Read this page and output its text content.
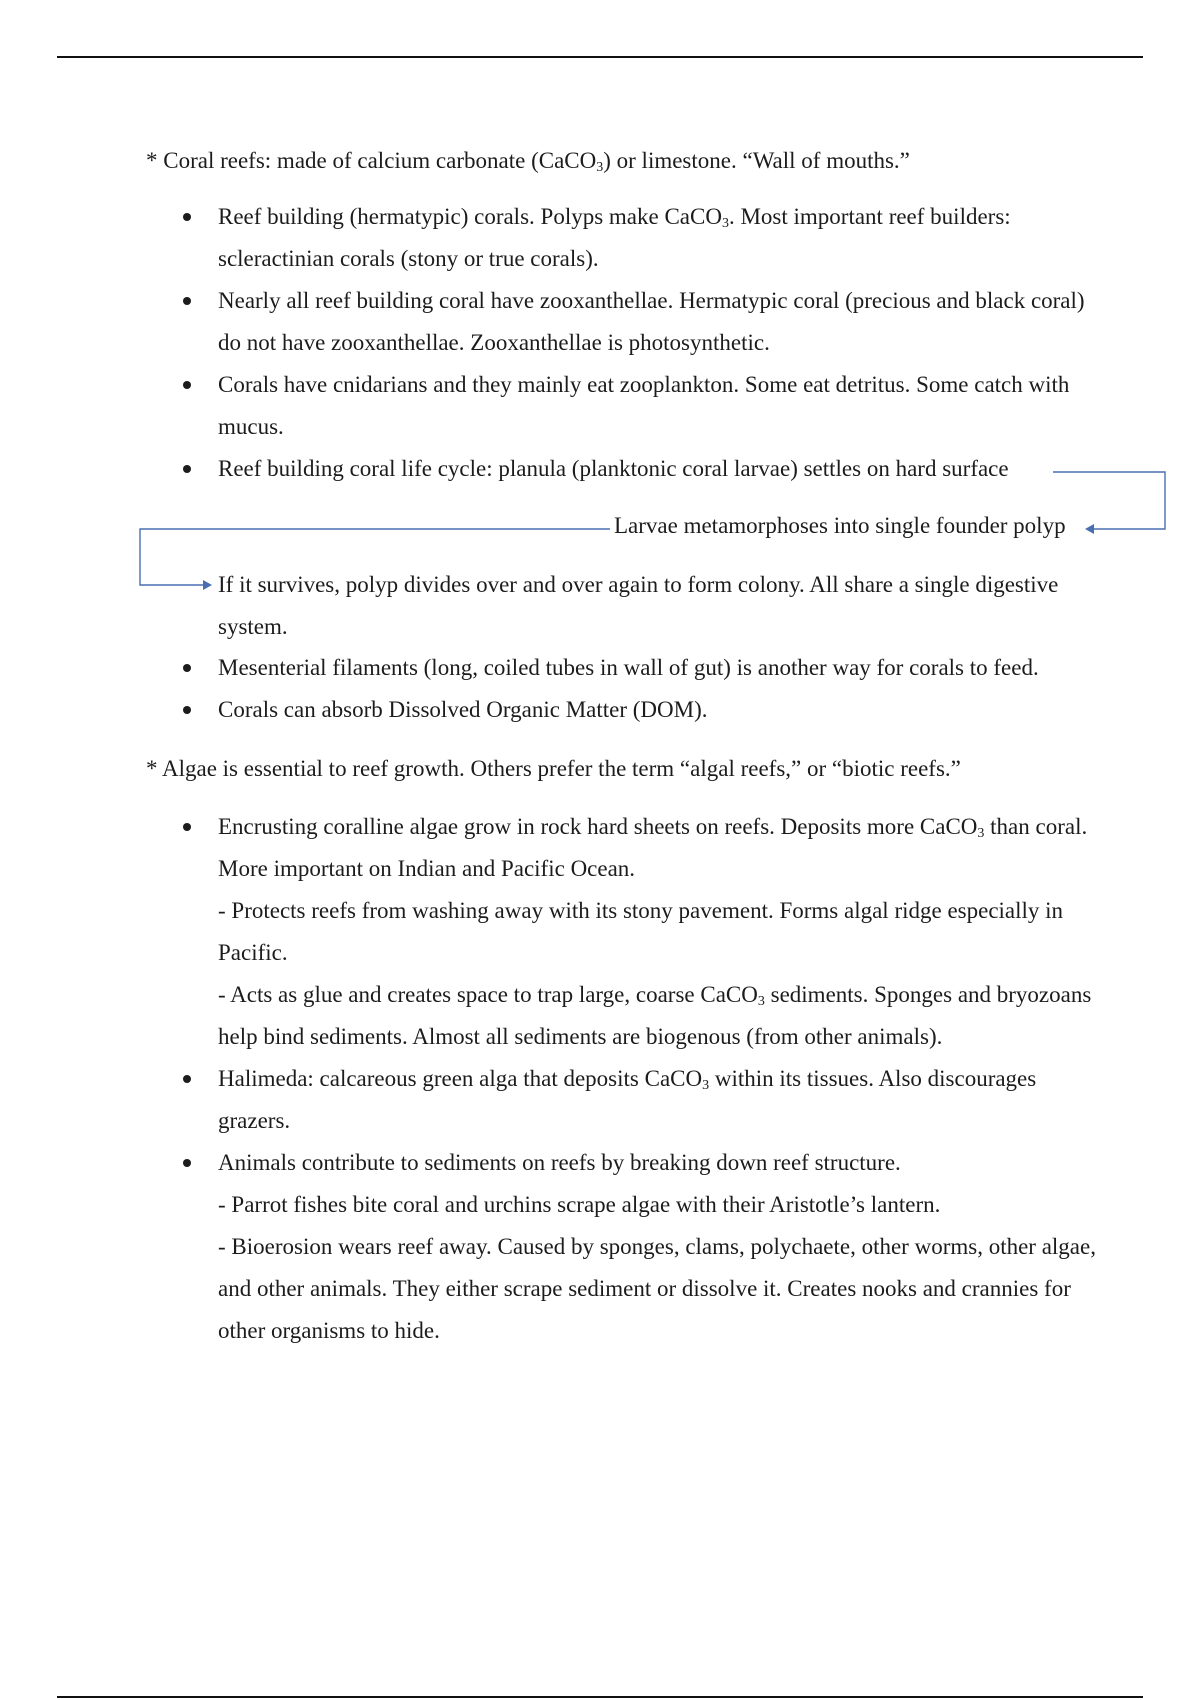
* Coral reefs: made of calcium carbonate (CaCO$_3$) or limestone. “Wall of mouths.”
Reef building (hermatypic) corals. Polyps make CaCO$_3$. Most important reef builders: scleractinian corals (stony or true corals).
Nearly all reef building coral have zooxanthellae. Hermatypic coral (precious and black coral) do not have zooxanthellae. Zooxanthellae is photosynthetic.
Corals have cnidarians and they mainly eat zooplankton. Some eat detritus. Some catch with mucus.
Reef building coral life cycle: planula (planktonic coral larvae) settles on hard surface
Larvae metamorphoses into single founder polyp
If it survives, polyp divides over and over again to form colony. All share a single digestive system.
Mesenterial filaments (long, coiled tubes in wall of gut) is another way for corals to feed.
Corals can absorb Dissolved Organic Matter (DOM).
* Algae is essential to reef growth. Others prefer the term “algal reefs,” or “biotic reefs.”
Encrusting coralline algae grow in rock hard sheets on reefs. Deposits more CaCO$_3$ than coral. More important on Indian and Pacific Ocean.
- Protects reefs from washing away with its stony pavement. Forms algal ridge especially in Pacific.
- Acts as glue and creates space to trap large, coarse CaCO$_3$ sediments. Sponges and bryozoans help bind sediments. Almost all sediments are biogenous (from other animals).
Halimeda: calcareous green alga that deposits CaCO$_3$ within its tissues. Also discourages grazers.
Animals contribute to sediments on reefs by breaking down reef structure.
- Parrot fishes bite coral and urchins scrape algae with their Aristotle’s lantern.
- Bioerosion wears reef away. Caused by sponges, clams, polychaete, other worms, other algae, and other animals. They either scrape sediment or dissolve it. Creates nooks and crannies for other organisms to hide.
